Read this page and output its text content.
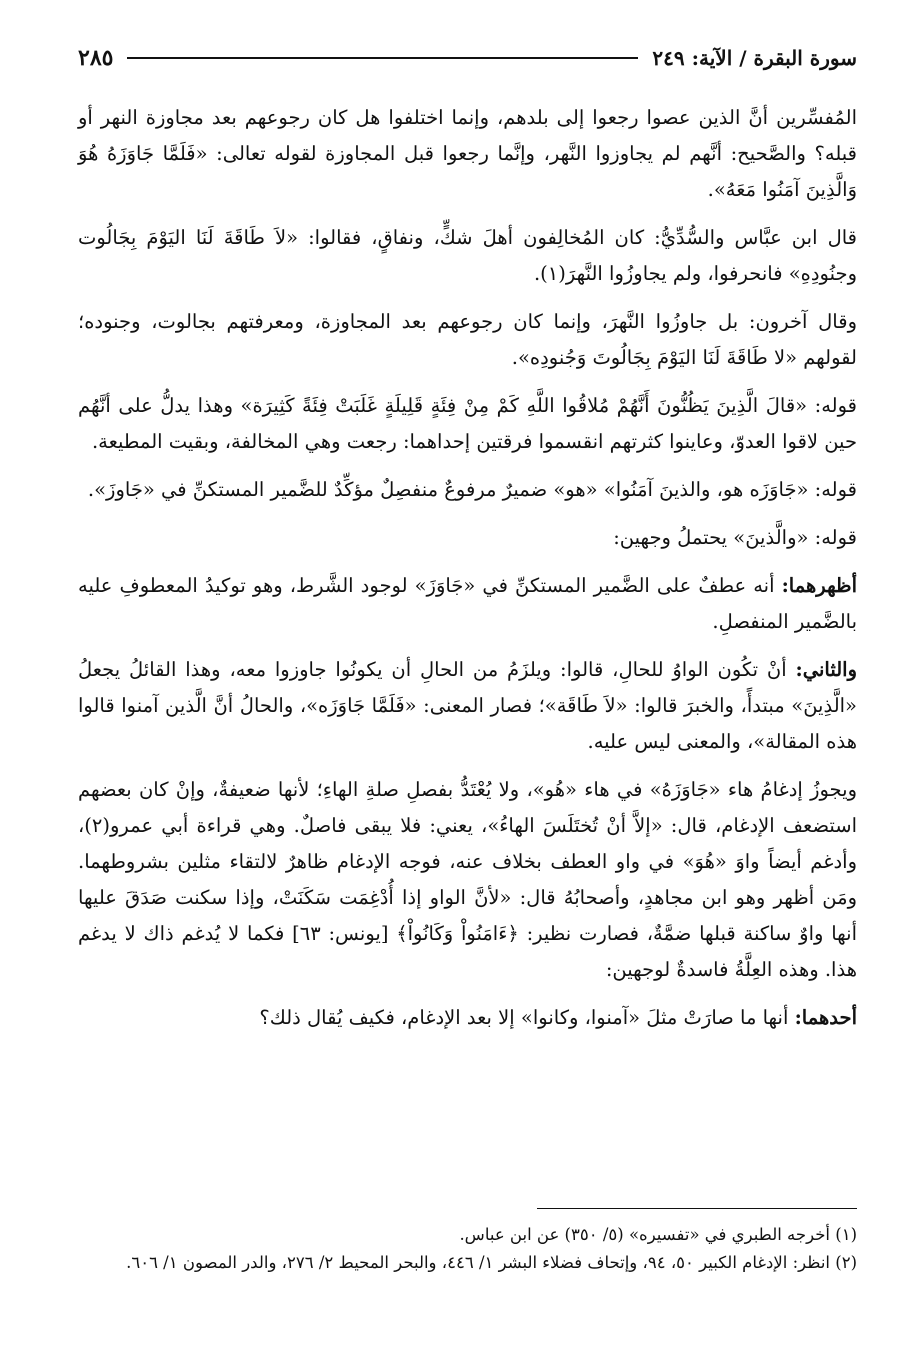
سورة البقرة / الآية: ٢٤٩
٢٨٥

المُفسِّرين أنَّ الذين عصوا رجعوا إلى بلدهم، وإنما اختلفوا هل كان رجوعهم بعد مجاوزة النهر أو قبله؟ والصَّحيح: أنَّهم لم يجاوزوا النَّهر، وإنَّما رجعوا قبل المجاوزة لقوله تعالى: «فَلَمَّا جَاوَزَهُ هُوَ وَالَّذِينَ آمَنُوا مَعَهُ».

قال ابن عبَّاس والسُّدِّيُّ: كان المُخالِفون أهلَ شكٍّ، ونفاقٍ، فقالوا: «لاَ طَاقَةَ لَنَا اليَوْمَ بِجَالُوت وجنُودِهِ» فانحرفوا، ولم يجاوزُوا النَّهرَ(١).

وقال آخرون: بل جاوزُوا النَّهرَ، وإنما كان رجوعهم بعد المجاوزة، ومعرفتهم بجالوت، وجنوده؛ لقولهم «لا طَاقَةَ لَنَا اليَوْمَ بِجَالُوتَ وَجُنودِه».

قوله: «قالَ الَّذِينَ يَظُنُّونَ أَنَّهُمْ مُلاقُوا اللَّهِ كَمْ مِنْ فِئَةٍ قَلِيلَةٍ غَلَبَتْ فِئَةً كَثِيرَة» وهذا يدلُّ على أنَّهُم حين لاقوا العدوّ، وعاينوا كثرتهم انقسموا فرقتين إحداهما: رجعت وهي المخالفة، وبقيت المطيعة.

قوله: «جَاوَزَه هو، والذينَ آمَنُوا» «هو» ضميرٌ مرفوعٌ منفصِلٌ مؤكِّدٌ للضَّمير المستكنِّ في «جَاوزَ».

قوله: «والَّذينَ» يحتملُ وجهين:

أظهرهما: أنه عطفٌ على الضَّمير المستكنِّ في «جَاوَزَ» لوجود الشَّرط، وهو توكيدُ المعطوفِ عليه بالضَّمير المنفصلِ.

والثاني: أنْ تكُون الواوُ للحالِ، قالوا: ويلزَمُ من الحالِ أن يكونُوا جاوزوا معه، وهذا القائلُ يجعلُ «الَّذِينَ» مبتدأً، والخبرَ قالوا: «لاَ طَاقَة»؛ فصار المعنى: «فَلَمَّا جَاوَزَه»، والحالُ أنَّ الَّذين آمنوا قالوا هذه المقالة»، والمعنى ليس عليه.

ويجوزُ إدغامُ هاء «جَاوَزَهُ» في هاء «هُو»، ولا يُعْتَدُّ بفصلِ صلةِ الهاءِ؛ لأنها ضعيفةٌ، وإنْ كان بعضهم استضعف الإدغام، قال: «إلاَّ أنْ تُختَلَسَ الهاءُ»، يعني: فلا يبقى فاصلٌ. وهي قراءة أبي عمرو(٢)، وأدغم أيضاً واوَ «هُوَ» في واو العطف بخلاف عنه، فوجه الإدغام ظاهرٌ لالتقاء مثلين بشروطهما. ومَن أظهر وهو ابن مجاهدٍ، وأصحابُهُ قال: «لأنَّ الواو إذا أُدْغِمَت سَكَنَتْ، وإذا سكنت صَدَقَ عليها أنها واوٌ ساكنة قبلها ضمَّةٌ، فصارت نظير: ﴿ءَامَنُواْ وَكَانُواْ﴾ [يونس: ٦٣] فكما لا يُدغم ذاك لا يدغم هذا. وهذه العِلَّةُ فاسدةٌ لوجهين:

أحدهما: أنها ما صارَتْ مثلَ «آمنوا، وكانوا» إلا بعد الإدغام، فكيف يُقال ذلك؟

(١) أخرجه الطبري في «تفسيره» (٥/ ٣٥٠) عن ابن عباس.

(٢) انظر: الإدغام الكبير ٥٠، ٩٤، وإتحاف فضلاء البشر ١/ ٤٤٦، والبحر المحيط ٢/ ٢٧٦، والدر المصون ١/ ٦٠٦.
